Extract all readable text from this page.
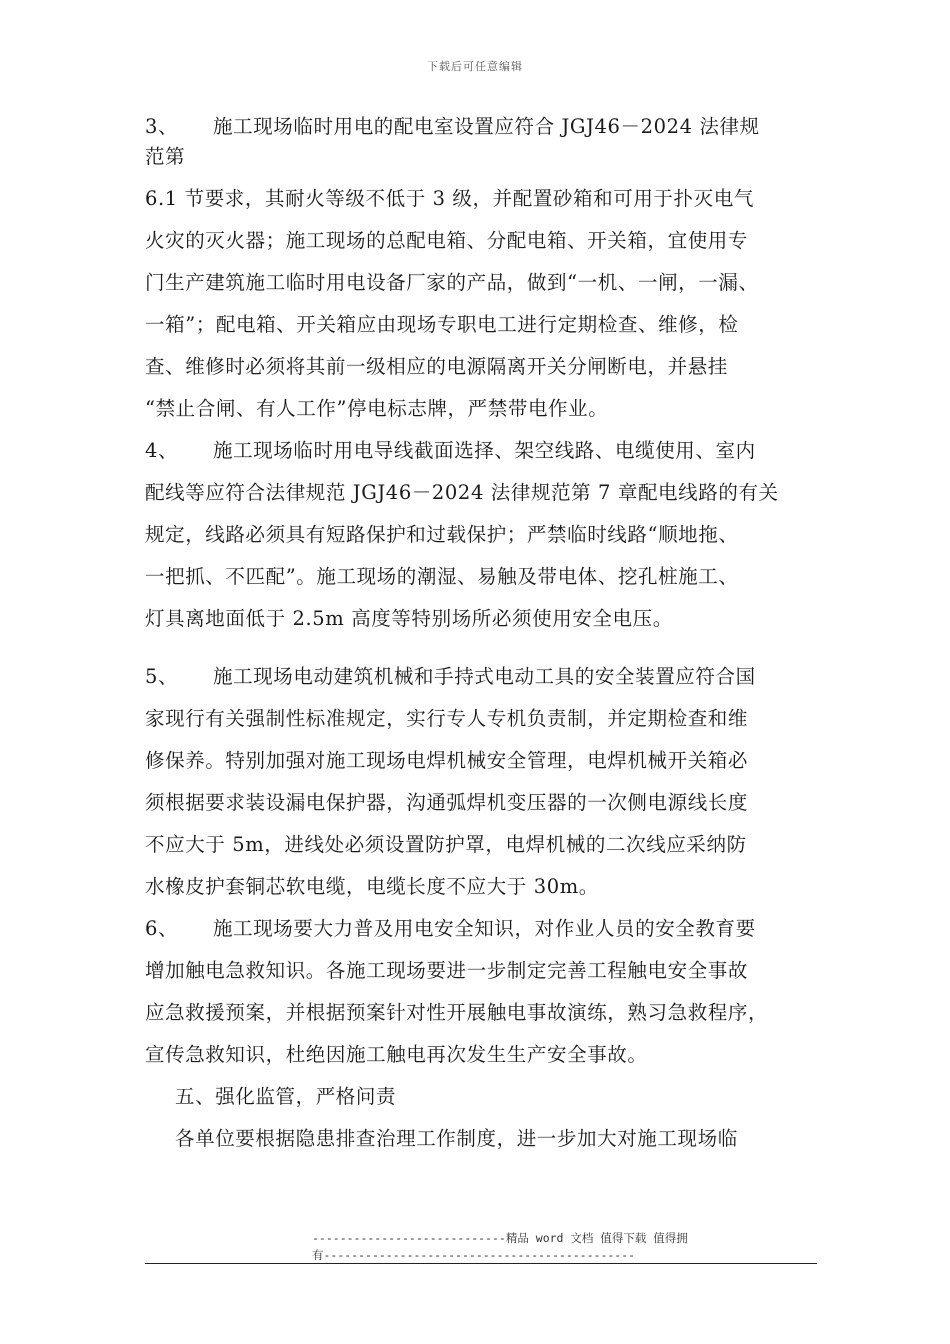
下载后可任意编辑
3、 施工现场临时用电的配电室设置应符合 JGJ46－2024 法律规
范第
6.1 节要求，其耐火等级不低于 3 级，并配置砂箱和可用于扑灭电气
火灾的灭火器；施工现场的总配电箱、分配电箱、开关箱，宜使用专
门生产建筑施工临时用电设备厂家的产品，做到“一机、一闸，一漏、
一箱”；配电箱、开关箱应由现场专职电工进行定期检查、维修，检
查、维修时必须将其前一级相应的电源隔离开关分闸断电，并悬挂
“禁止合闸、有人工作”停电标志牌，严禁带电作业。
4、 施工现场临时用电导线截面选择、架空线路、电缆使用、室内
配线等应符合法律规范 JGJ46－2024 法律规范第 7 章配电线路的有关
规定，线路必须具有短路保护和过载保护；严禁临时线路“顺地拖、
一把抓、不匹配”。施工现场的潮湿、易触及带电体、挖孔桩施工、
灯具离地面低于 2.5m 高度等特别场所必须使用安全电压。
5、 施工现场电动建筑机械和手持式电动工具的安全装置应符合国
家现行有关强制性标准规定，实行专人专机负责制，并定期检查和维
修保养。特别加强对施工现场电焊机械安全管理，电焊机械开关箱必
须根据要求装设漏电保护器，沟通弧焊机变压器的一次侧电源线长度
不应大于 5m，进线处必须设置防护罩，电焊机械的二次线应采纳防
水橡皮护套铜芯软电缆，电缆长度不应大于 30m。
6、 施工现场要大力普及用电安全知识，对作业人员的安全教育要
增加触电急救知识。各施工现场要进一步制定完善工程触电安全事故
应急救援预案，并根据预案针对性开展触电事故演练，熟习急救程序，
宣传急救知识，杜绝因施工触电再次发生生产安全事故。
五、强化监管，严格问责
各单位要根据隐患排查治理工作制度，进一步加大对施工现场临
----------------------------精品 word 文档 值得下载 值得拥
有---------------------------------------------
